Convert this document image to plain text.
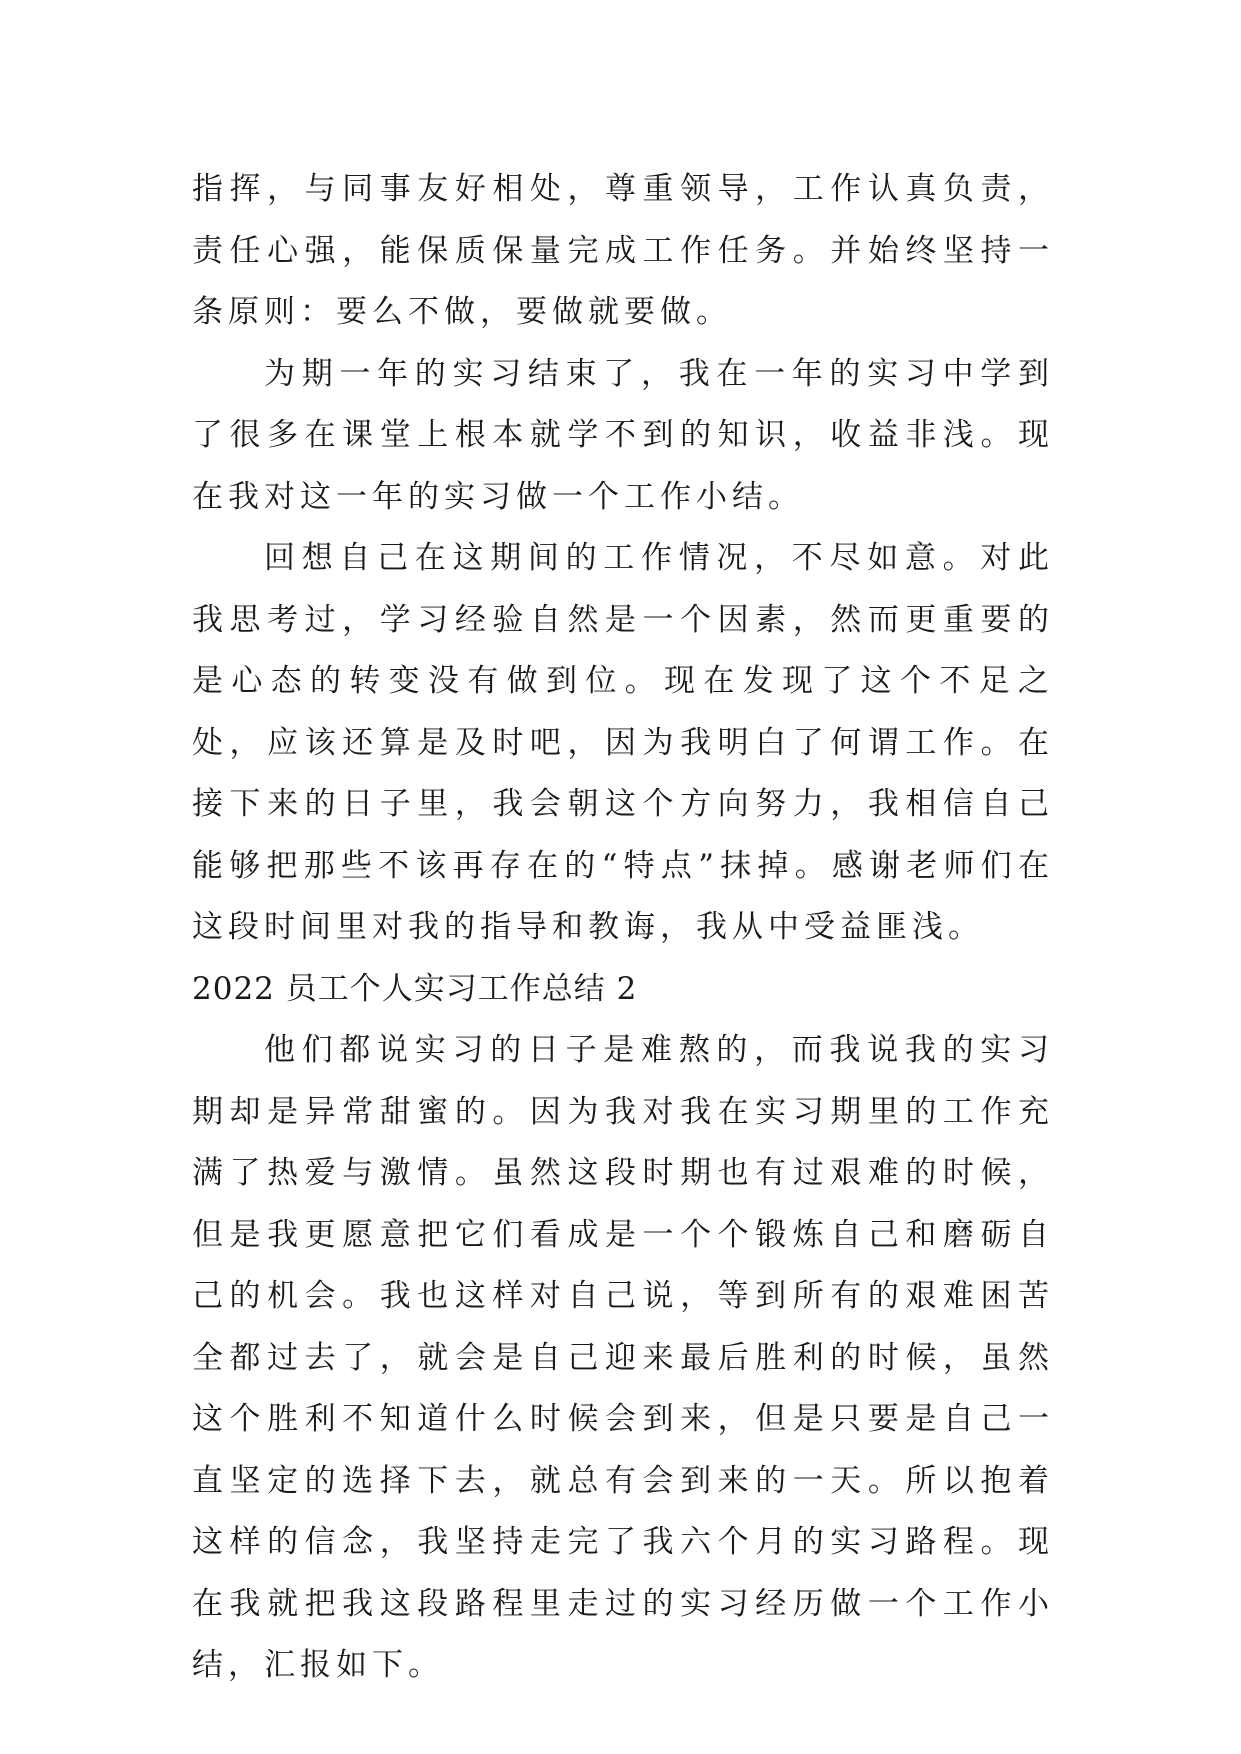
指挥，与同事友好相处，尊重领导，工作认真负责，责任心强，能保质保量完成工作任务。并始终坚持一条原则：要么不做，要做就要做。

为期一年的实习结束了，我在一年的实习中学到了很多在课堂上根本就学不到的知识，收益非浅。现在我对这一年的实习做一个工作小结。

回想自己在这期间的工作情况，不尽如意。对此我思考过，学习经验自然是一个因素，然而更重要的是心态的转变没有做到位。现在发现了这个不足之处，应该还算是及时吧，因为我明白了何谓工作。在接下来的日子里，我会朝这个方向努力，我相信自己能够把那些不该再存在的“特点”抹掉。感谢老师们在这段时间里对我的指导和教诲，我从中受益匪浅。

2022 员工个人实习工作总结 2

他们都说实习的日子是难熬的，而我说我的实习期却是异常甜蜜的。因为我对我在实习期里的工作充满了热爱与激情。虽然这段时期也有过艰难的时候，但是我更愿意把它们看成是一个个锻炼自己和磨砺自己的机会。我也这样对自己说，等到所有的艰难困苦全都过去了，就会是自己迎来最后胜利的时候，虽然这个胜利不知道什么时候会到来，但是只要是自己一直坚定的选择下去，就总有会到来的一天。所以抱着这样的信念，我坚持走完了我六个月的实习路程。现在我就把我这段路程里走过的实习经历做一个工作小结，汇报如下。
